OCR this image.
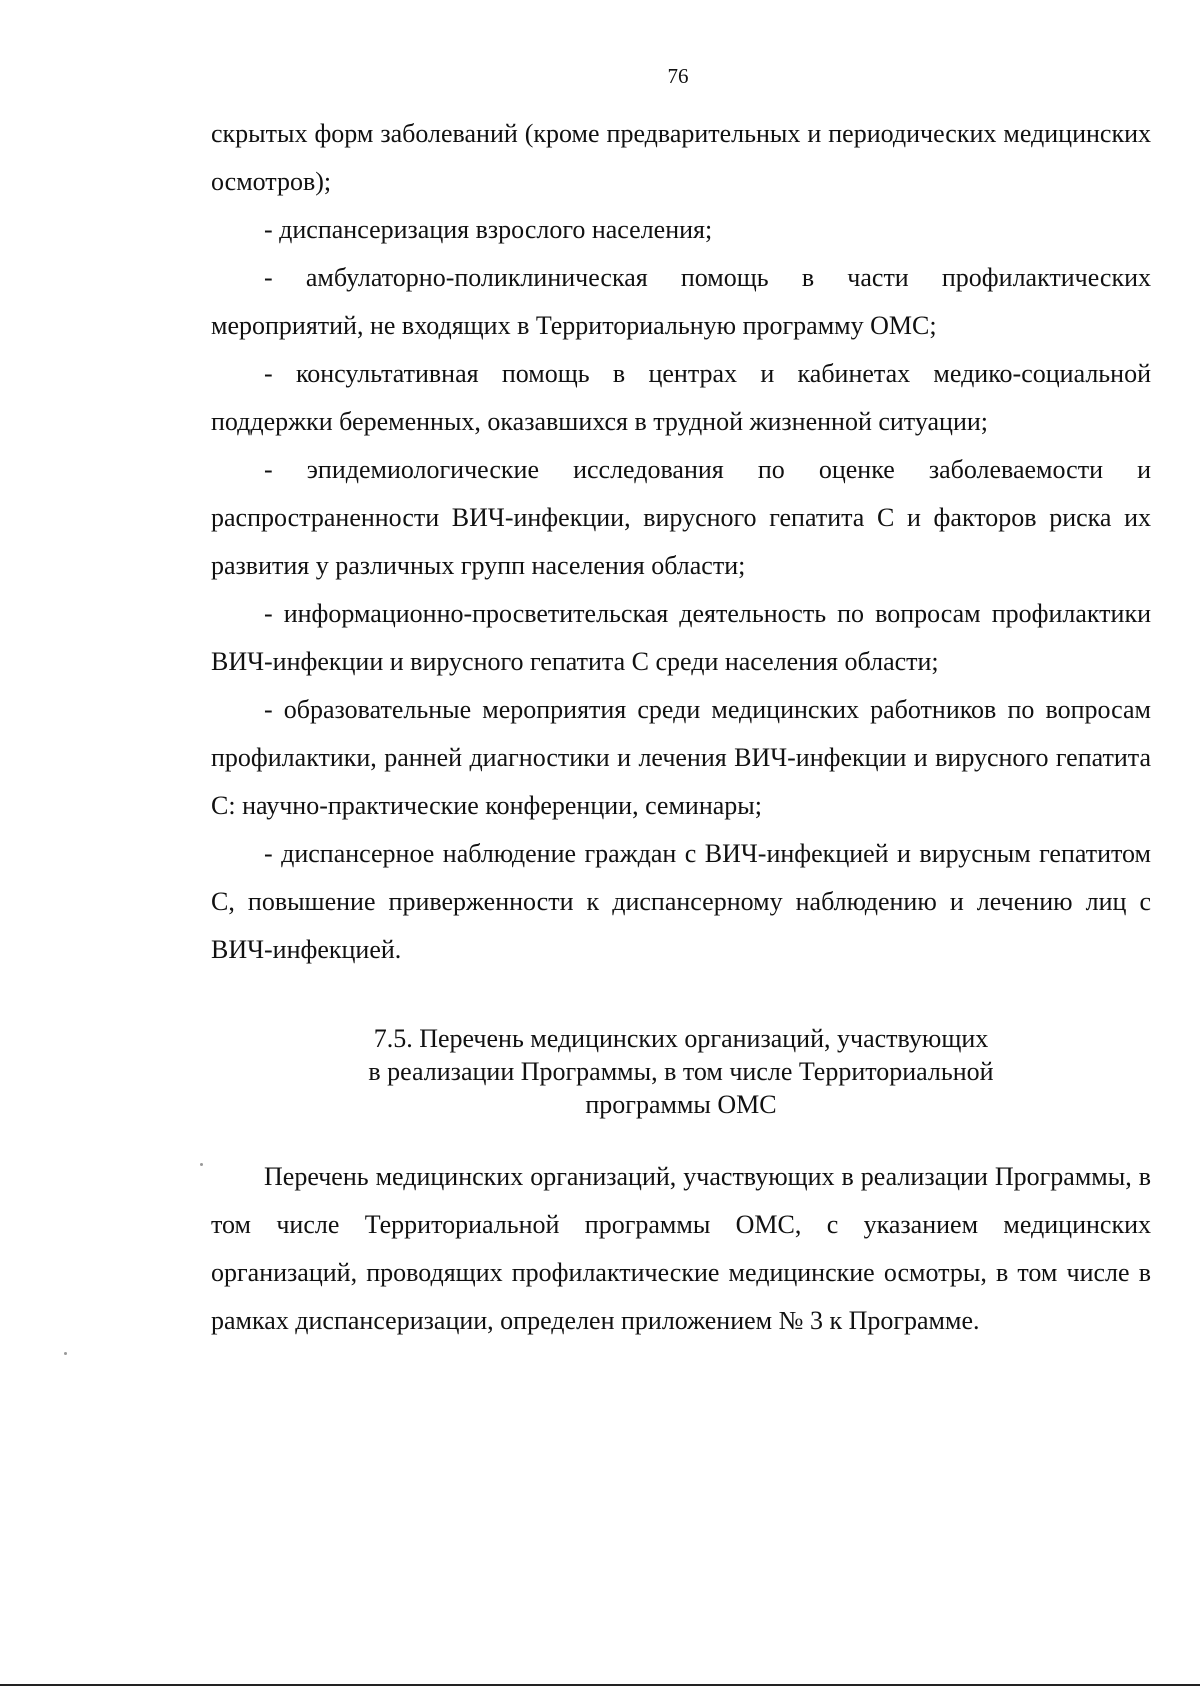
76

скрытых форм заболеваний (кроме предварительных и периодических медицинских осмотров);

- диспансеризация взрослого населения;

- амбулаторно-поликлиническая помощь в части профилактических мероприятий, не входящих в Территориальную программу ОМС;

- консультативная помощь в центрах и кабинетах медико-социальной поддержки беременных, оказавшихся в трудной жизненной ситуации;

- эпидемиологические исследования по оценке заболеваемости и распространенности ВИЧ-инфекции, вирусного гепатита С и факторов риска их развития у различных групп населения области;

- информационно-просветительская деятельность по вопросам профилактики ВИЧ-инфекции и вирусного гепатита С среди населения области;

- образовательные мероприятия среди медицинских работников по вопросам профилактики, ранней диагностики и лечения ВИЧ-инфекции и вирусного гепатита С: научно-практические конференции, семинары;

- диспансерное наблюдение граждан с ВИЧ-инфекцией и вирусным гепатитом С, повышение приверженности к диспансерному наблюдению и лечению лиц с ВИЧ-инфекцией.

7.5. Перечень медицинских организаций, участвующих
в реализации Программы, в том числе Территориальной
программы ОМС

Перечень медицинских организаций, участвующих в реализации Программы, в том числе Территориальной программы ОМС, с указанием медицинских организаций, проводящих профилактические медицинские осмотры, в том числе в рамках диспансеризации, определен приложением № 3 к Программе.
